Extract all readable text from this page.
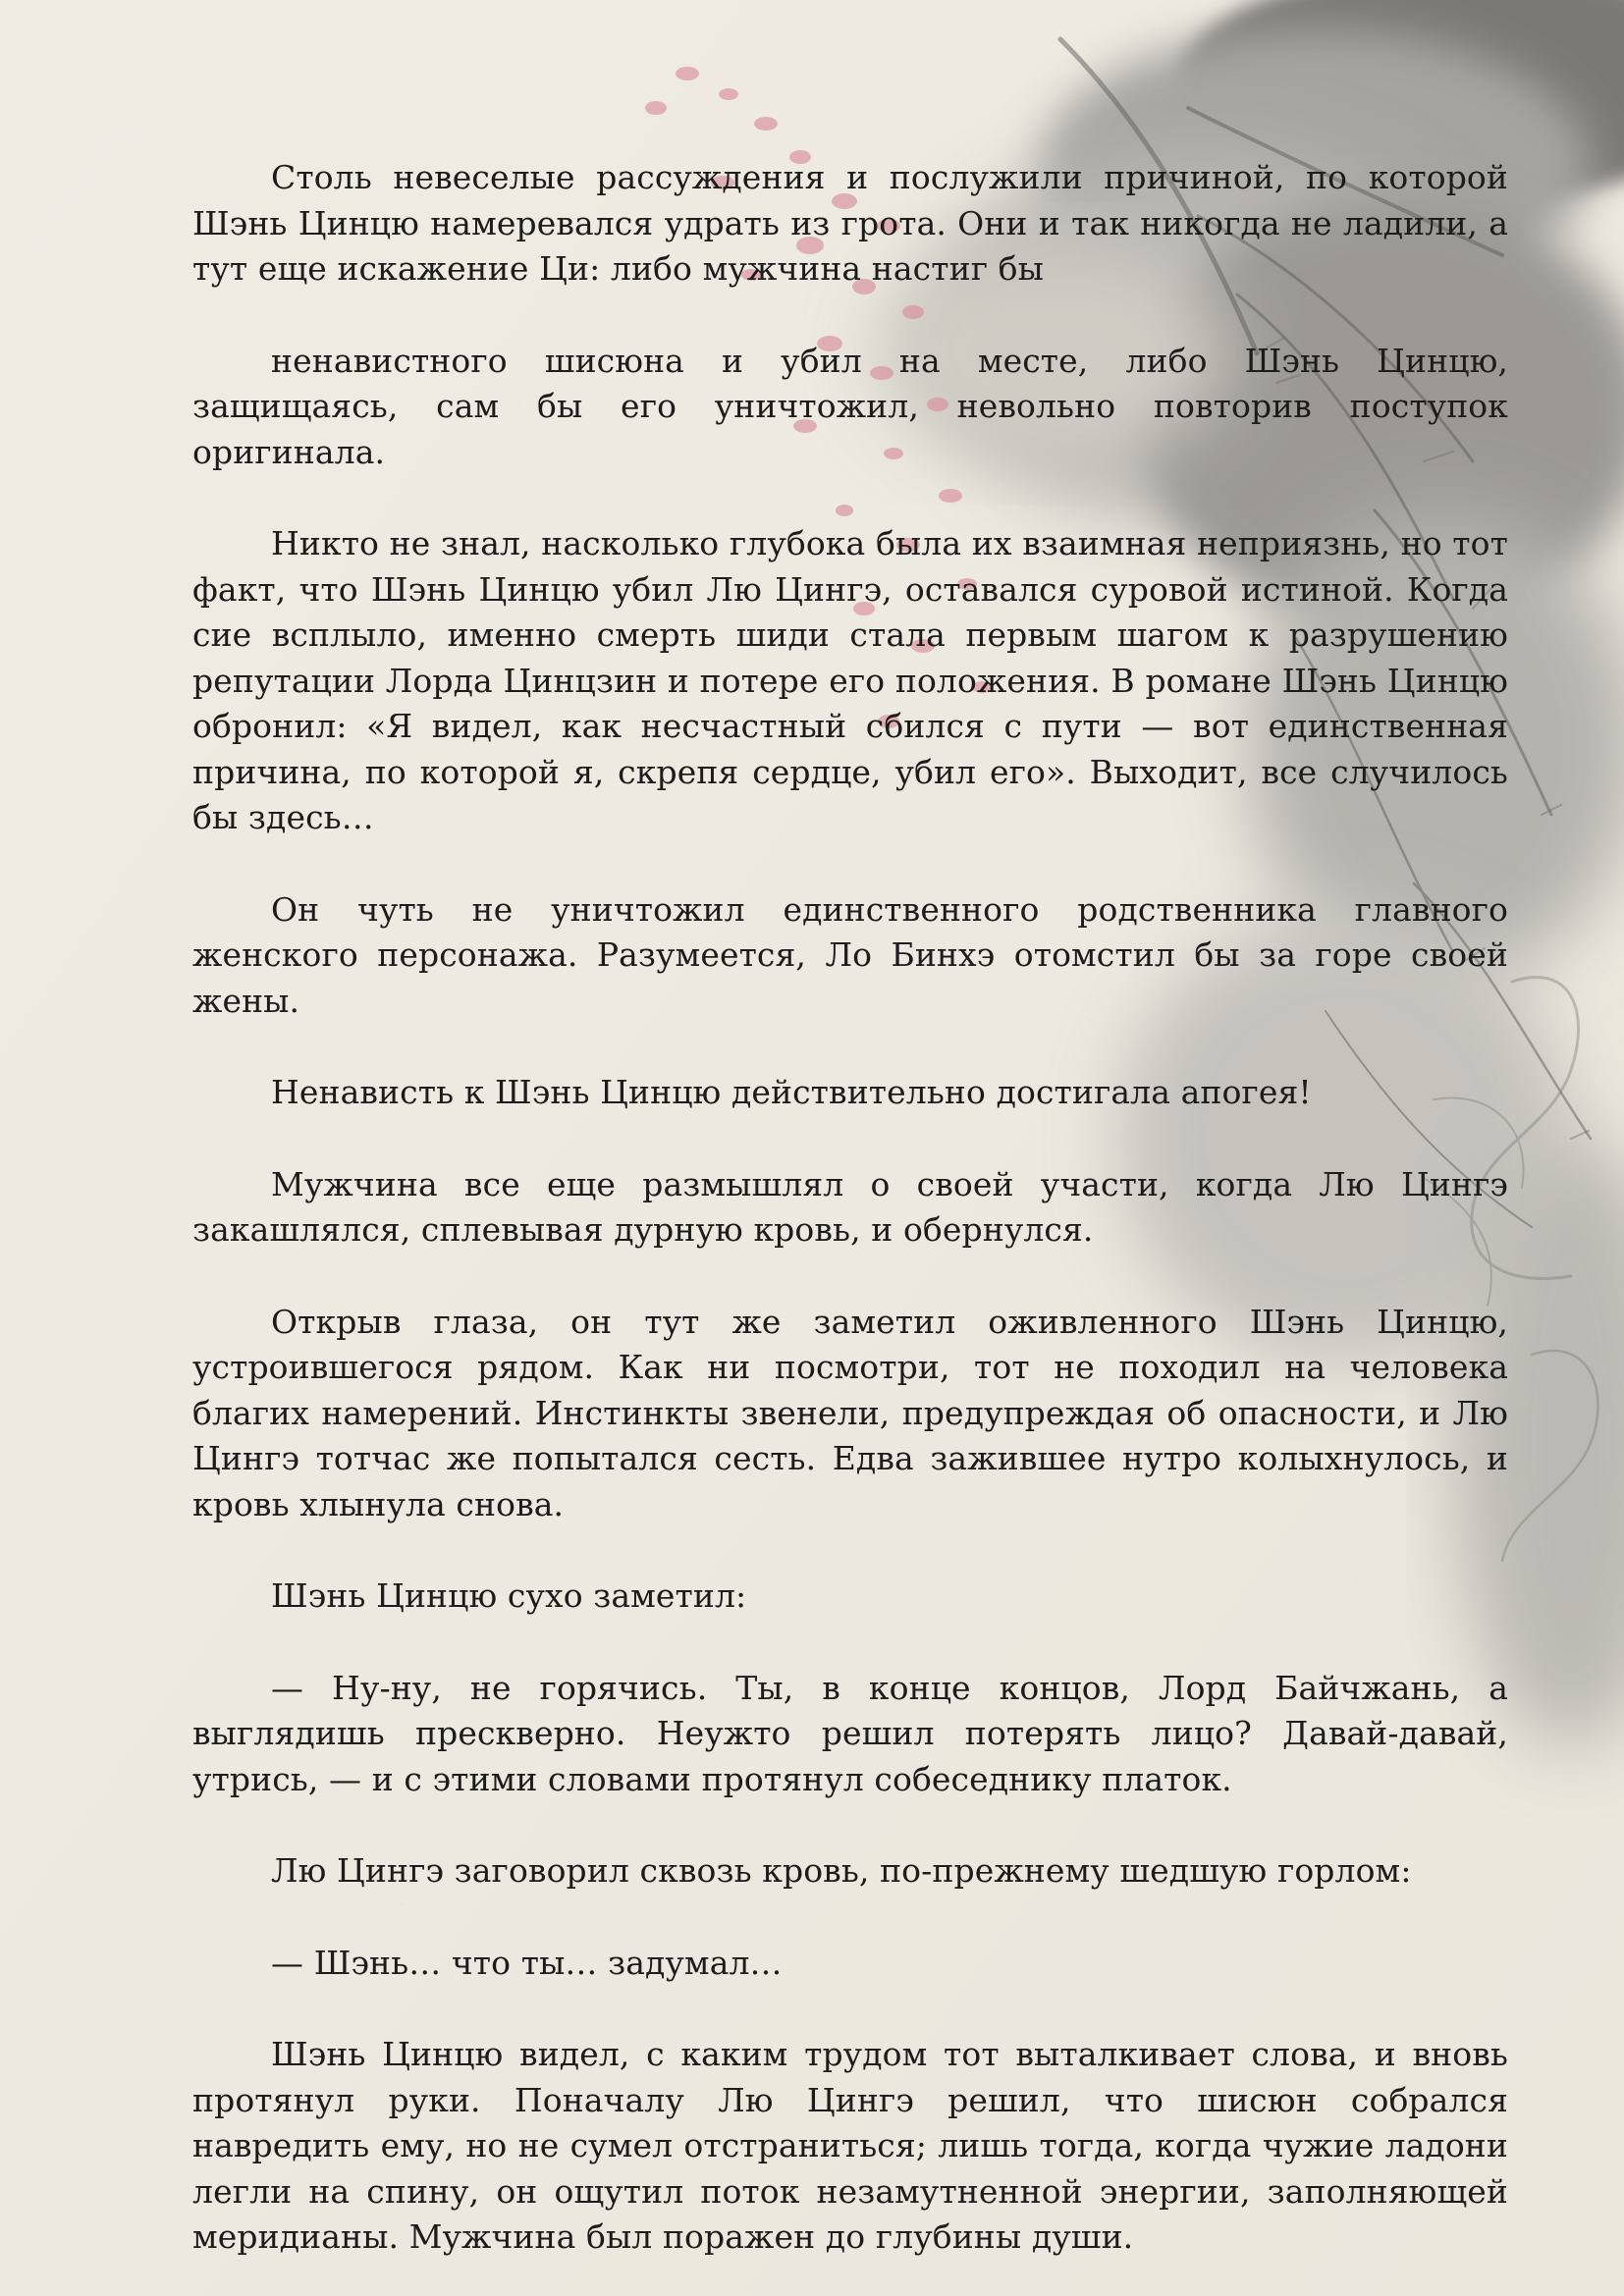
Столь невеселые рассуждения и послужили причиной, по которой Шэнь Цинцю намеревался удрать из грота. Они и так никогда не ладили, а тут еще искажение Ци: либо мужчина настиг бы

ненавистного шисюна и убил на месте, либо Шэнь Цинцю, защищаясь, сам бы его уничтожил, невольно повторив поступок оригинала.

Никто не знал, насколько глубока была их взаимная неприязнь, но тот факт, что Шэнь Цинцю убил Лю Цингэ, оставался суровой истиной. Когда сие всплыло, именно смерть шиди стала первым шагом к разрушению репутации Лорда Цинцзин и потере его положения. В романе Шэнь Цинцю обронил: «Я видел, как несчастный сбился с пути — вот единственная причина, по которой я, скрепя сердце, убил его». Выходит, все случилось бы здесь…

Он чуть не уничтожил единственного родственника главного женского персонажа. Разумеется, Ло Бинхэ отомстил бы за горе своей жены.

Ненависть к Шэнь Цинцю действительно достигала апогея!

Мужчина все еще размышлял о своей участи, когда Лю Цингэ закашлялся, сплевывая дурную кровь, и обернулся.

Открыв глаза, он тут же заметил оживленного Шэнь Цинцю, устроившегося рядом. Как ни посмотри, тот не походил на человека благих намерений. Инстинкты звенели, предупреждая об опасности, и Лю Цингэ тотчас же попытался сесть. Едва зажившее нутро колыхнулось, и кровь хлынула снова.

Шэнь Цинцю сухо заметил:

— Ну-ну, не горячись. Ты, в конце концов, Лорд Байчжань, а выглядишь прескверно. Неужто решил потерять лицо? Давай-давай, утрись, — и с этими словами протянул собеседнику платок.

Лю Цингэ заговорил сквозь кровь, по-прежнему шедшую горлом:

— Шэнь… что ты… задумал…

Шэнь Цинцю видел, с каким трудом тот выталкивает слова, и вновь протянул руки. Поначалу Лю Цингэ решил, что шисюн собрался навредить ему, но не сумел отстраниться; лишь тогда, когда чужие ладони легли на спину, он ощутил поток незамутненной энергии, заполняющей меридианы. Мужчина был поражен до глубины души.
